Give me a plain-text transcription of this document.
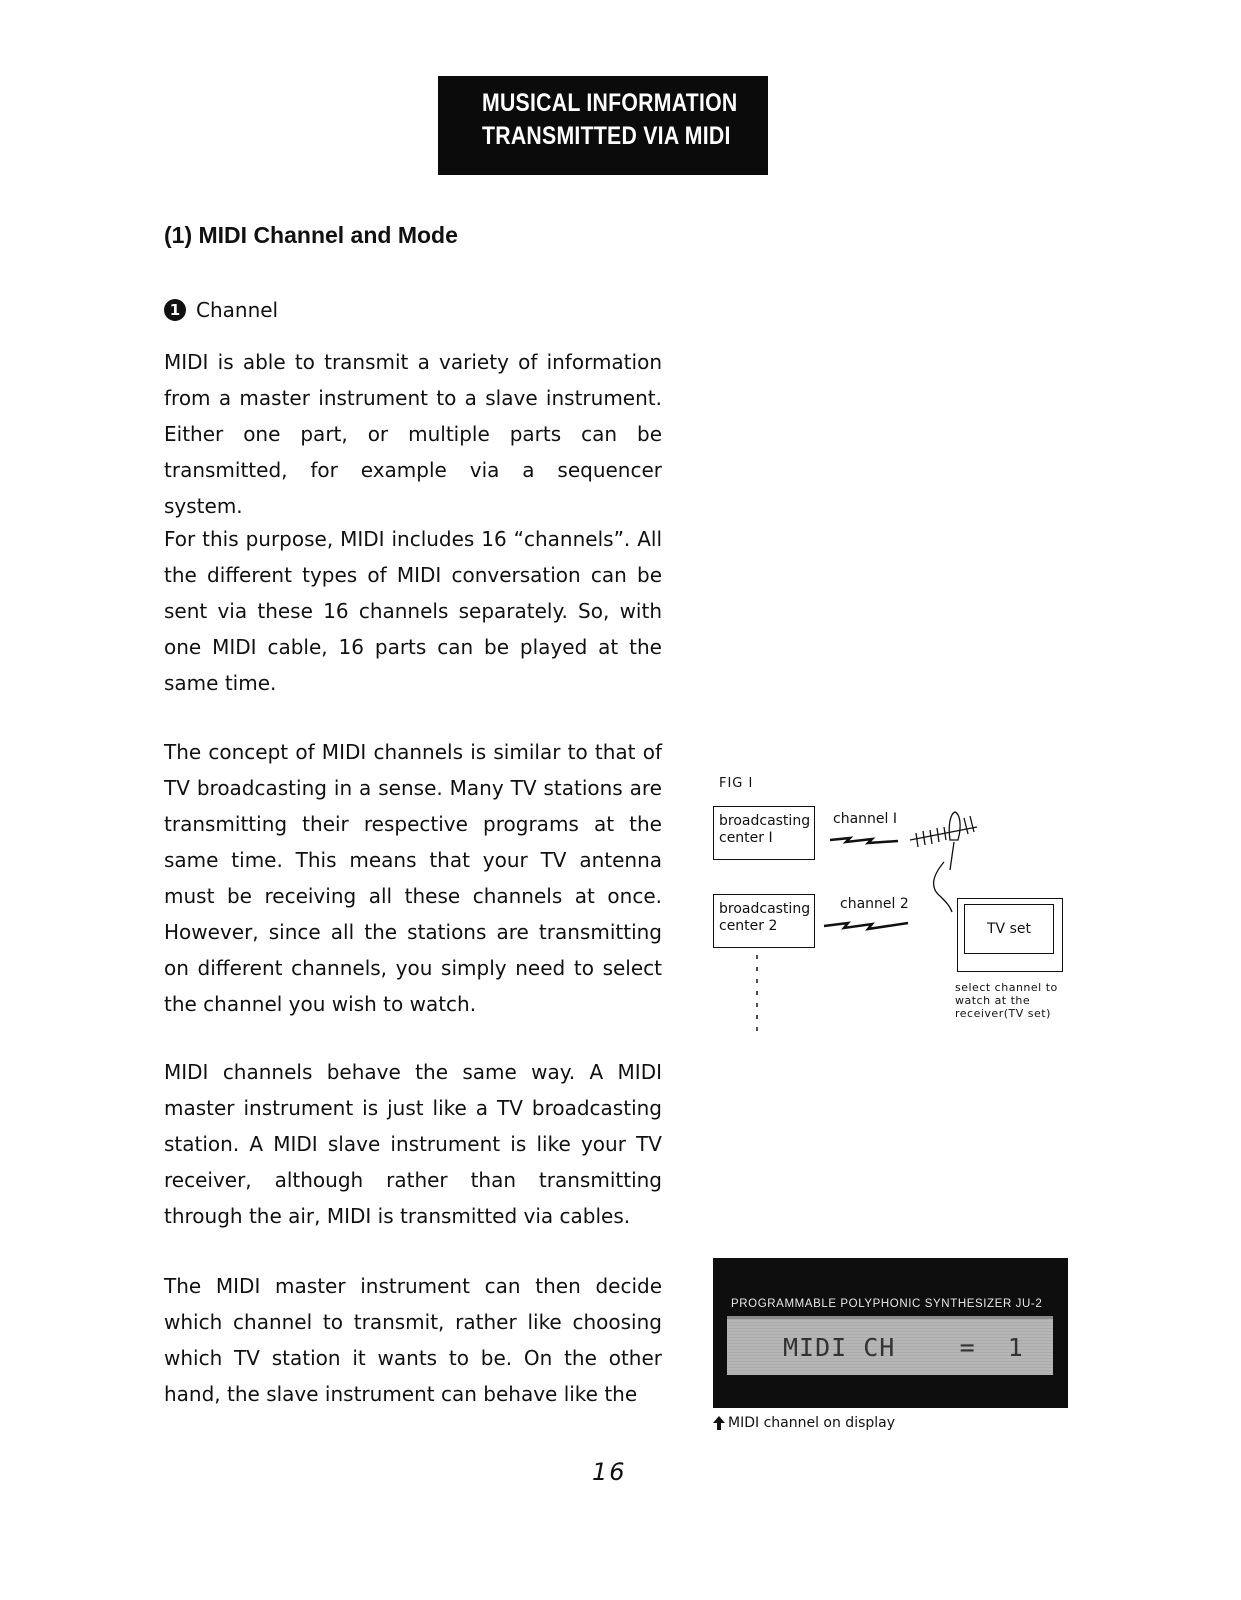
MUSICAL INFORMATION
TRANSMITTED VIA MIDI
(1) MIDI Channel and Mode
1 Channel

MIDI is able to transmit a variety of information from a master instrument to a slave instrument. Either one part, or multiple parts can be transmitted, for example via a sequencer system.

For this purpose, MIDI includes 16 “channels”. All the different types of MIDI conversation can be sent via these 16 channels separately. So, with one MIDI cable, 16 parts can be played at the same time.

The concept of MIDI channels is similar to that of TV broadcasting in a sense. Many TV stations are transmitting their respective programs at the same time. This means that your TV antenna must be receiving all these channels at once. However, since all the stations are transmitting on different channels, you simply need to select the channel you wish to watch.

MIDI channels behave the same way. A MIDI master instrument is just like a TV broadcasting station. A MIDI slave instrument is like your TV receiver, although rather than transmitting through the air, MIDI is transmitted via cables.

The MIDI master instrument can then decide which channel to transmit, rather like choosing which TV station it wants to be. On the other hand, the slave instrument can behave like the

FIG I
broadcasting center I
broadcasting center 2
channel I
channel 2
TV set
select channel to watch at the receiver(TV set)
PROGRAMMABLE POLYPHONIC SYNTHESIZER JU-2
MIDI CH    =  1
MIDI channel on display
16
